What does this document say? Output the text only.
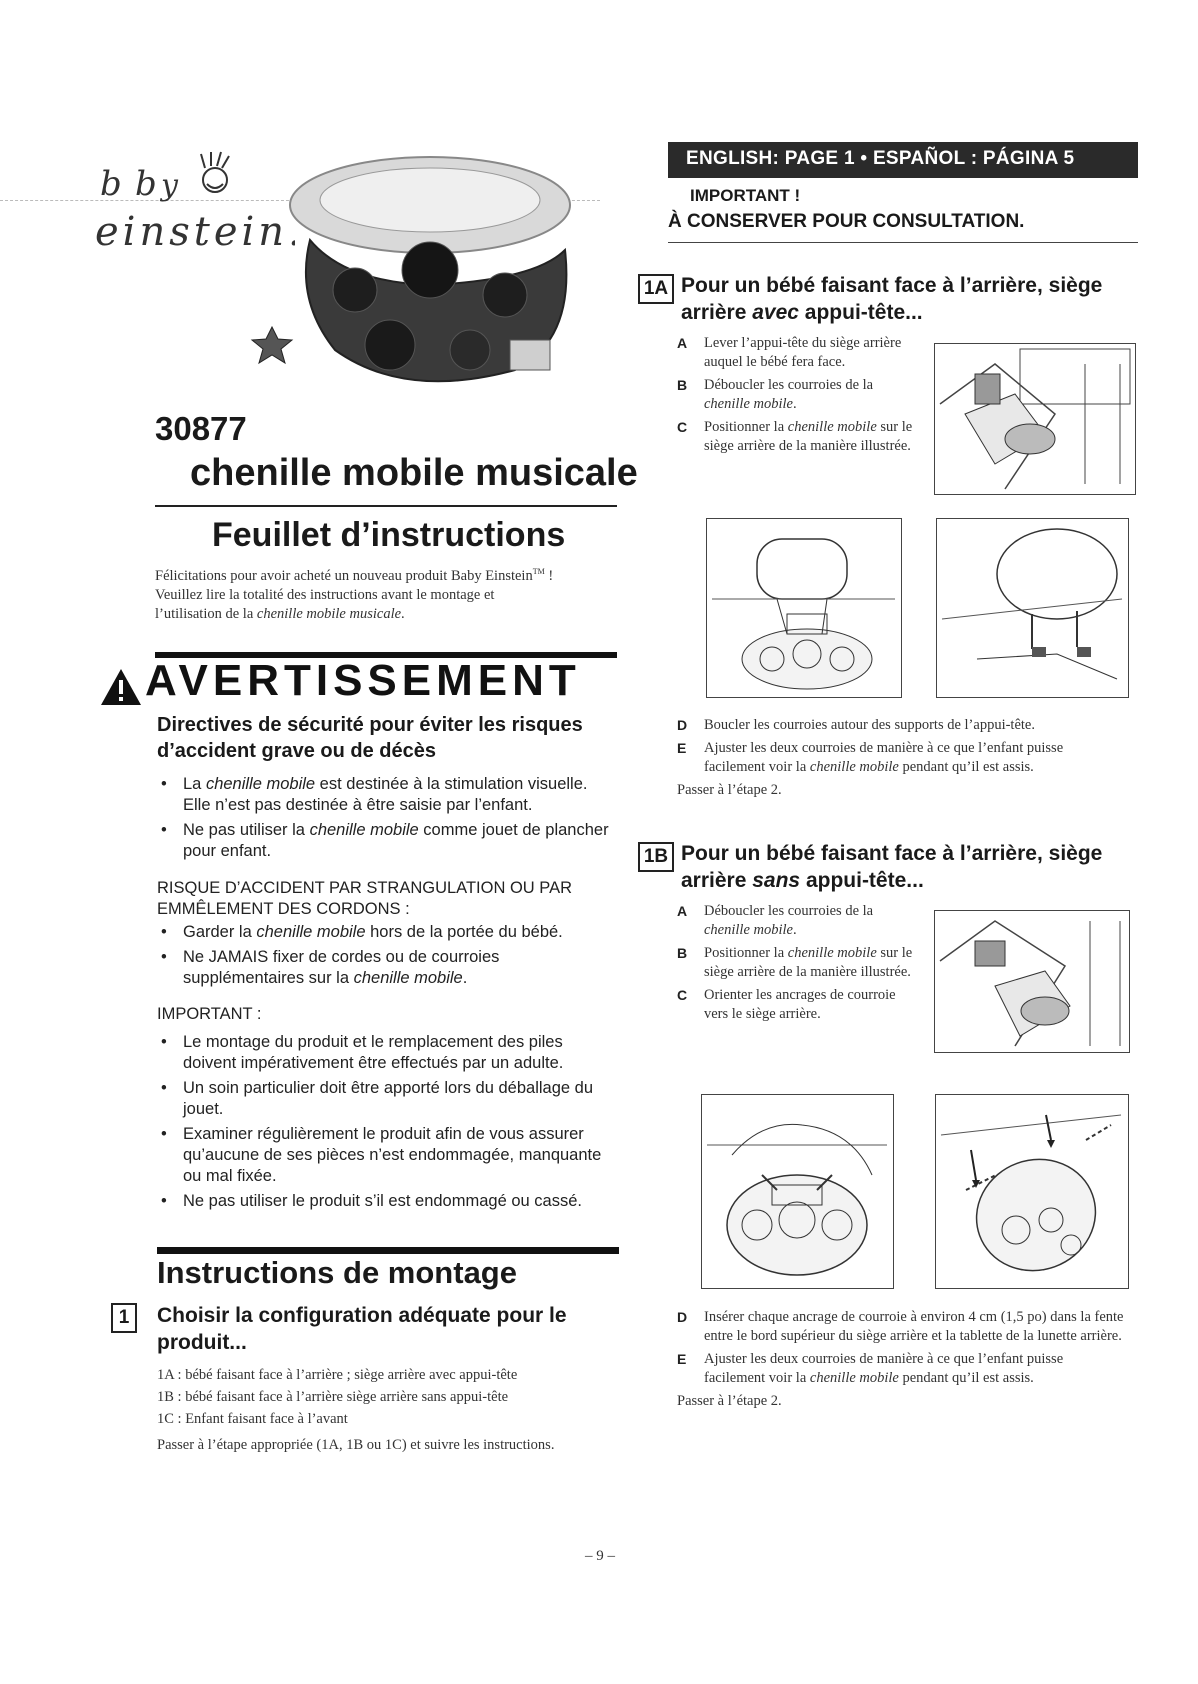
b b y
einstein.
30877
chenille mobile musicale
Feuillet d’instructions
Félicitations pour avoir acheté un nouveau produit Baby Einstein™ ! Veuillez lire la totalité des instructions avant le montage et l’utilisation de la chenille mobile musicale.
AVERTISSEMENT
Directives de sécurité pour éviter les risques d’accident grave ou de décès
• La chenille mobile est destinée à la stimulation visuelle. Elle n’est pas destinée à être saisie par l’enfant.
• Ne pas utiliser la chenille mobile comme jouet de plancher pour enfant.
RISQUE D’ACCIDENT PAR STRANGULATION OU PAR EMMÊLEMENT DES CORDONS :
• Garder la chenille mobile hors de la portée du bébé.
• Ne JAMAIS fixer de cordes ou de courroies supplémentaires sur la chenille mobile.
IMPORTANT :
• Le montage du produit et le remplacement des piles doivent impérativement être effectués par un adulte.
• Un soin particulier doit être apporté lors du déballage du jouet.
• Examiner régulièrement le produit afin de vous assurer qu’aucune de ses pièces n’est endommagée, manquante ou mal fixée.
• Ne pas utiliser le produit s’il est endommagé ou cassé.
Instructions de montage
1	Choisir la configuration adéquate pour le produit...
1A : bébé faisant face à l’arrière ; siège arrière avec appui-tête
1B : bébé faisant face à l’arrière siège arrière sans appui-tête
1C : Enfant faisant face à l’avant
Passer à l’étape appropriée (1A, 1B ou 1C) et suivre les instructions.
ENGLISH: PAGE 1 • ESPAÑOL : PÁGINA 5
IMPORTANT !
À CONSERVER POUR CONSULTATION.
1A Pour un bébé faisant face à l’arrière, siège arrière avec appui-tête...
A Lever l’appui-tête du siège arrière auquel le bébé fera face.
B Déboucler les courroies de la chenille mobile.
C Positionner la chenille mobile sur le siège arrière de la manière illustrée.
D Boucler les courroies autour des supports de l’appui-tête.
E Ajuster les deux courroies de manière à ce que l’enfant puisse facilement voir la chenille mobile pendant qu’il est assis.
Passer à l’étape 2.
1B Pour un bébé faisant face à l’arrière, siège arrière sans appui-tête...
A Déboucler les courroies de la chenille mobile.
B Positionner la chenille mobile sur le siège arrière de la manière illustrée.
C Orienter les ancrages de courroie vers le siège arrière.
D Insérer chaque ancrage de courroie à environ 4 cm (1,5 po) dans la fente entre le bord supérieur du siège arrière et la tablette de la lunette arrière.
E Ajuster les deux courroies de manière à ce que l’enfant puisse facilement voir la chenille mobile pendant qu’il est assis.
Passer à l’étape 2.
– 9 –
